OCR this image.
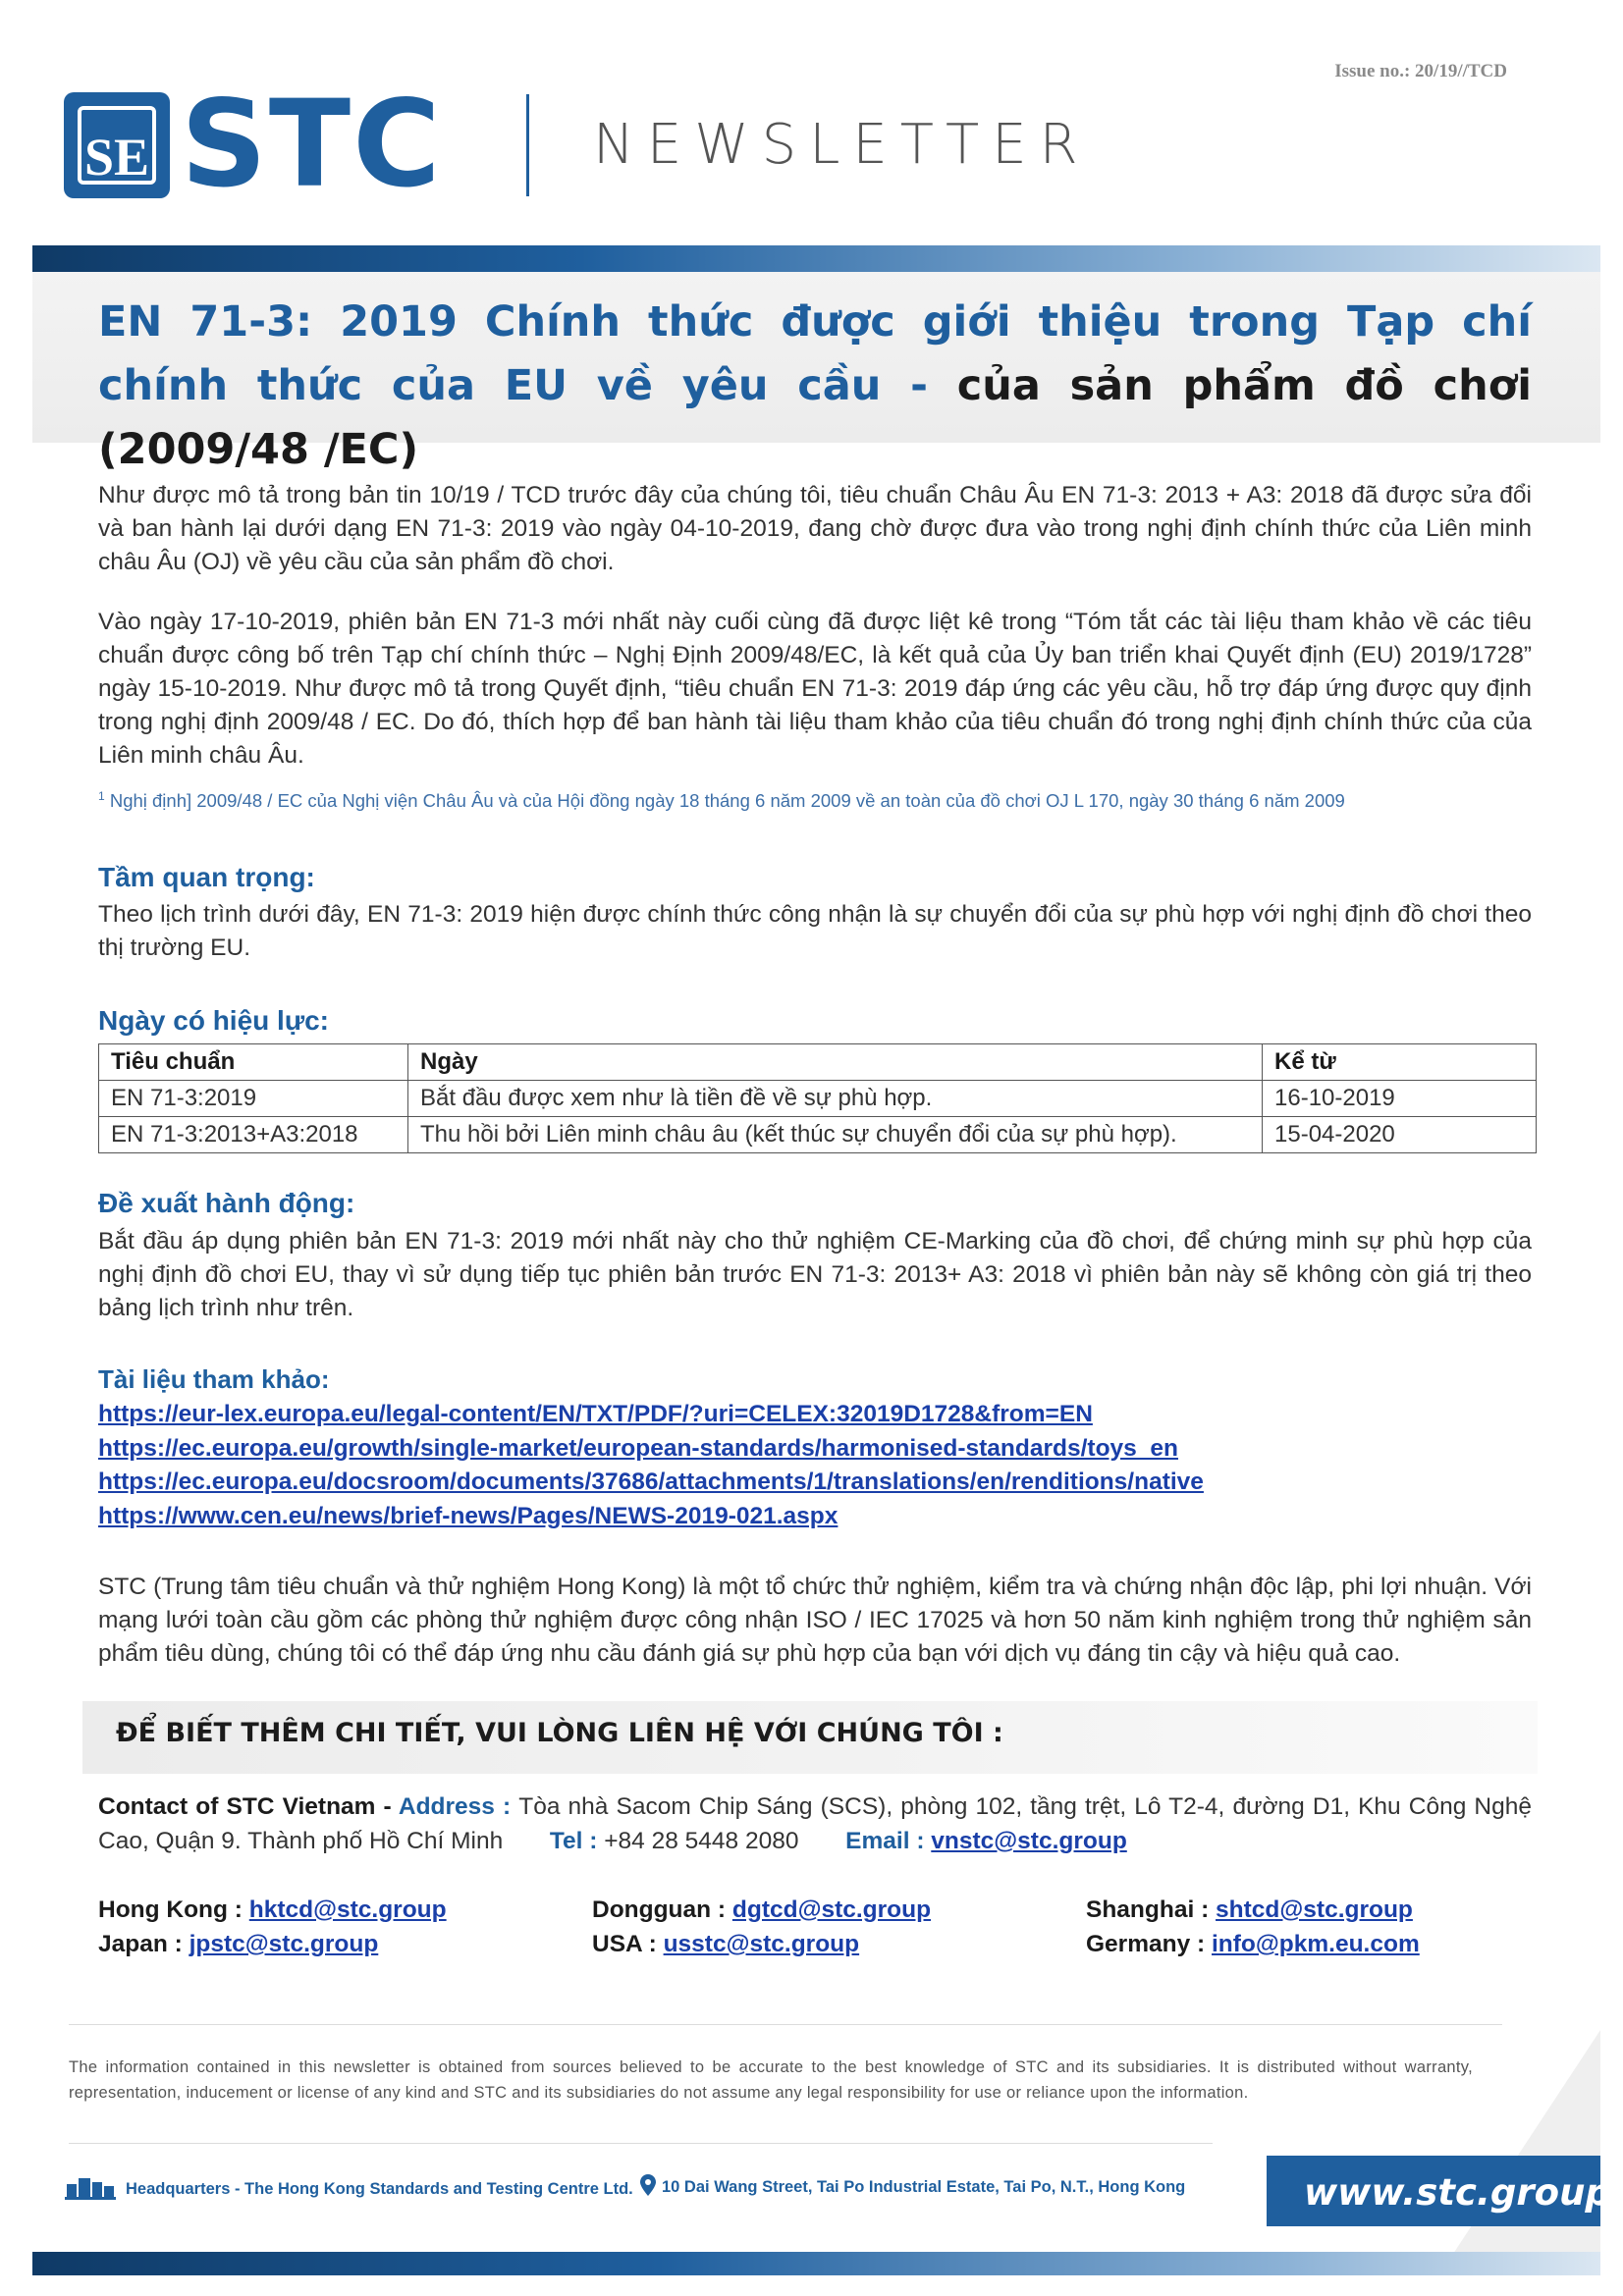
Issue no.: 20/19//TCD
SE STC	NEWSLETTER
EN 71-3: 2019 Chính thức được giới thiệu trong Tạp chí chính thức của EU về yêu cầu - của sản phẩm đồ chơi (2009/48 /EC)
Như được mô tả trong bản tin 10/19 / TCD trước đây của chúng tôi, tiêu chuẩn Châu Âu EN 71-3: 2013 + A3: 2018 đã được sửa đổi và ban hành lại dưới dạng EN 71-3: 2019 vào ngày 04-10-2019, đang chờ được đưa vào trong nghị định chính thức của Liên minh châu Âu (OJ) về yêu cầu của sản phẩm đồ chơi.
Vào ngày 17-10-2019, phiên bản EN 71-3 mới nhất này cuối cùng đã được liệt kê trong “Tóm tắt các tài liệu tham khảo về các tiêu chuẩn được công bố trên Tạp chí chính thức – Nghị Định 2009/48/EC, là kết quả của Ủy ban triển khai Quyết định (EU) 2019/1728” ngày 15-10-2019. Như được mô tả trong Quyết định, “tiêu chuẩn EN 71-3: 2019 đáp ứng các yêu cầu, hỗ trợ đáp ứng được quy định trong nghị định 2009/48 / EC. Do đó, thích hợp để ban hành tài liệu tham khảo của tiêu chuẩn đó trong nghị định chính thức của của Liên minh châu Âu.
$^1$ Nghị định] 2009/48 / EC của Nghị viện Châu Âu và của Hội đồng ngày 18 tháng 6 năm 2009 về an toàn của đồ chơi OJ L 170, ngày 30 tháng 6 năm 2009
Tầm quan trọng:
Theo lịch trình dưới đây, EN 71-3: 2019 hiện được chính thức công nhận là sự chuyển đổi của sự phù hợp với nghị định đồ chơi theo thị trường EU.
Ngày có hiệu lực:
Tiêu chuẩn	Ngày	Kể từ
EN 71-3:2019	Bắt đầu được xem như là tiền đề về sự phù hợp.	16-10-2019
EN 71-3:2013+A3:2018	Thu hồi bởi Liên minh châu âu (kết thúc sự chuyển đổi của sự phù hợp).	15-04-2020
Đề xuất hành động:
Bắt đầu áp dụng phiên bản EN 71-3: 2019 mới nhất này cho thử nghiệm CE-Marking của đồ chơi, để chứng minh sự phù hợp của nghị định đồ chơi EU, thay vì sử dụng tiếp tục phiên bản trước EN 71-3: 2013+ A3: 2018 vì phiên bản này sẽ không còn giá trị theo bảng lịch trình như trên.
Tài liệu tham khảo:
https://eur-lex.europa.eu/legal-content/EN/TXT/PDF/?uri=CELEX:32019D1728&from=EN
https://ec.europa.eu/growth/single-market/european-standards/harmonised-standards/toys_en
https://ec.europa.eu/docsroom/documents/37686/attachments/1/translations/en/renditions/native
https://www.cen.eu/news/brief-news/Pages/NEWS-2019-021.aspx
STC (Trung tâm tiêu chuẩn và thử nghiệm Hong Kong) là một tổ chức thử nghiệm, kiểm tra và chứng nhận độc lập, phi lợi nhuận. Với mạng lưới toàn cầu gồm các phòng thử nghiệm được công nhận ISO / IEC 17025 và hơn 50 năm kinh nghiệm trong thử nghiệm sản phẩm tiêu dùng, chúng tôi có thể đáp ứng nhu cầu đánh giá sự phù hợp của bạn với dịch vụ đáng tin cậy và hiệu quả cao.
ĐỂ BIẾT THÊM CHI TIẾT, VUI LÒNG LIÊN HỆ VỚI CHÚNG TÔI :
Contact of STC Vietnam - Address : Tòa nhà Sacom Chip Sáng (SCS), phòng 102, tầng trệt, Lô T2-4, đường D1, Khu Công Nghệ Cao, Quận 9. Thành phố Hồ Chí Minh Tel : +84 28 5448 2080 Email : vnstc@stc.group
Hong Kong : hktcd@stc.group
Japan : jpstc@stc.group
Dongguan : dgtcd@stc.group
USA : usstc@stc.group
Shanghai : shtcd@stc.group
Germany : info@pkm.eu.com
The information contained in this newsletter is obtained from sources believed to be accurate to the best knowledge of STC and its subsidiaries. It is distributed without warranty, representation, inducement or license of any kind and STC and its subsidiaries do not assume any legal responsibility for use or reliance upon the information.
Headquarters - The Hong Kong Standards and Testing Centre Ltd.	10 Dai Wang Street, Tai Po Industrial Estate, Tai Po, N.T., Hong Kong	www.stc.group
